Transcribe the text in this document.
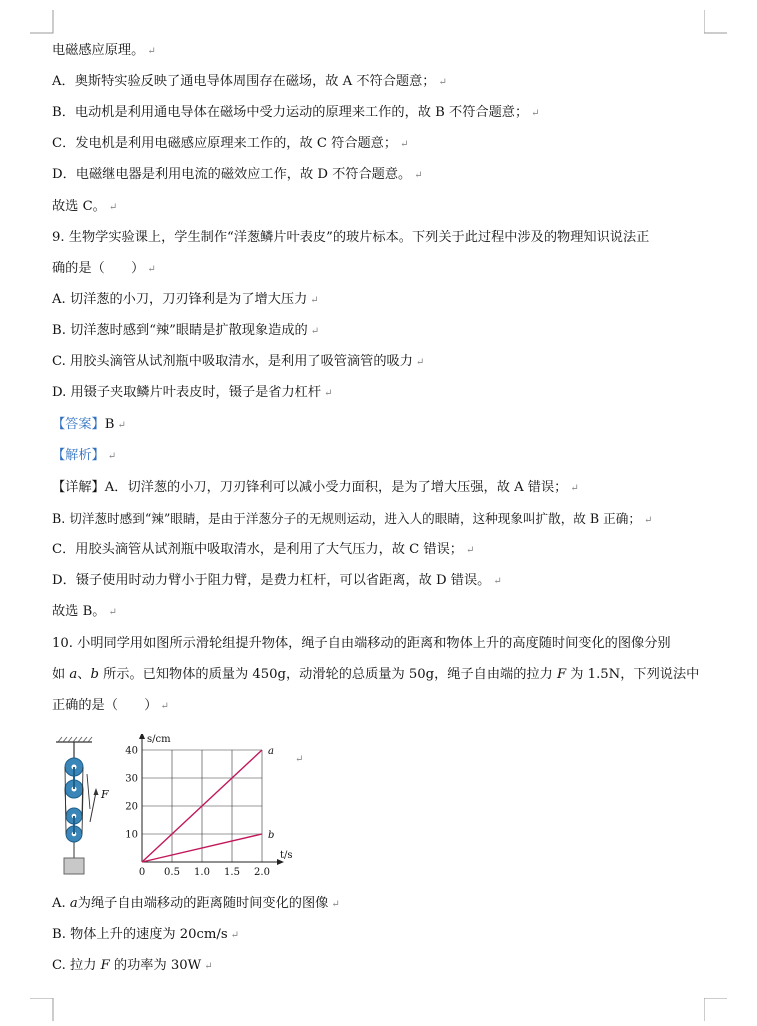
电磁感应原理。 ↵
A．奥斯特实验反映了通电导体周围存在磁场，故 A 不符合题意； ↵
B．电动机是利用通电导体在磁场中受力运动的原理来工作的，故 B 不符合题意； ↵
C．发电机是利用电磁感应原理来工作的，故 C 符合题意； ↵
D．电磁继电器是利用电流的磁效应工作，故 D 不符合题意。 ↵
故选 C。 ↵
9. 生物学实验课上，学生制作“洋葱鳞片叶表皮”的玻片标本。下列关于此过程中涉及的物理知识说法正
确的是（　　） ↵
A. 切洋葱的小刀，刀刃锋利是为了增大压力 ↵
B. 切洋葱时感到“辣”眼睛是扩散现象造成的 ↵
C. 用胶头滴管从试剂瓶中吸取清水，是利用了吸管滴管的吸力 ↵
D. 用镊子夹取鳞片叶表皮时，镊子是省力杠杆 ↵
【答案】B ↵
【解析】 ↵
【详解】A．切洋葱的小刀，刀刃锋利可以减小受力面积，是为了增大压强，故 A 错误； ↵
B. 切洋葱时感到“辣”眼睛，是由于洋葱分子的无规则运动，进入人的眼睛，这种现象叫扩散，故 B 正确； ↵
C．用胶头滴管从试剂瓶中吸取清水，是利用了大气压力，故 C 错误； ↵
D．镊子使用时动力臂小于阻力臂，是费力杠杆，可以省距离，故 D 错误。 ↵
故选 B。 ↵
10. 小明同学用如图所示滑轮组提升物体，绳子自由端移动的距离和物体上升的高度随时间变化的图像分别
如 a、b 所示。已知物体的质量为 450g，动滑轮的总质量为 50g，绳子自由端的拉力 F 为 1.5N，下列说法中
正确的是（　　） ↵
F
a
b
0 0.5 1.0 1.5 2.0
10
20
30
40
s/cm
t/s
↵
A. a为绳子自由端移动的距离随时间变化的图像 ↵
B. 物体上升的速度为 20cm/s ↵
C. 拉力 F 的功率为 30W ↵
